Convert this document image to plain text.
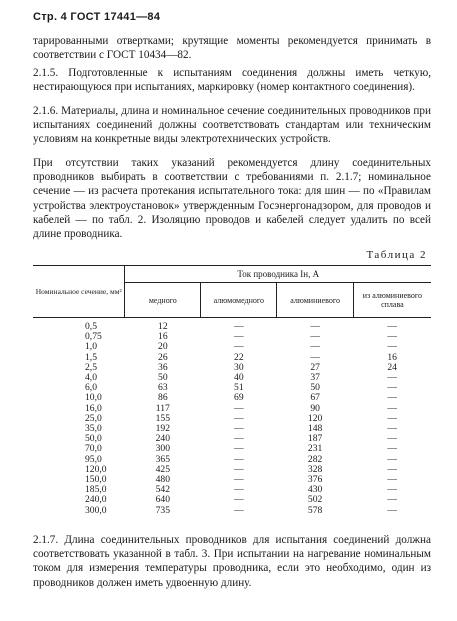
Стр. 4 ГОСТ 17441—84

тарированными отвертками; крутящие моменты рекомендуется принимать в соответствии с ГОСТ 10434—82.

2.1.5. Подготовленные к испытаниям соединения должны иметь четкую, нестирающуюся при испытаниях, маркировку (номер контактного соединения).

2.1.6. Материалы, длина и номинальное сечение соединительных проводников при испытаниях соединений должны соответствовать стандартам или техническим условиям на конкретные виды электротехнических устройств.

При отсутствии таких указаний рекомендуется длину соединительных проводников выбирать в соответствии с требованиями п. 2.1.7; номинальное сечение — из расчета протекания испытательного тока: для шин — по «Правилам устройства электроустановок» утвержденным Госэнергонадзором, для проводов и кабелей — по табл. 2. Изоляцию проводов и кабелей следует удалить по всей длине проводника.

Таблица 2
Номинальное сечение, мм²	Ток проводника Iн, А			
	медного	алюмомедного	алюминиевого	из алюминиевого сплава
0,5	12	—	—	—
0,75	16	—	—	—
1,0	20	—	—	—
1,5	26	22	—	16
2,5	36	30	27	24
4,0	50	40	37	—
6,0	63	51	50	—
10,0	86	69	67	—
16,0	117	—	90	—
25,0	155	—	120	—
35,0	192	—	148	—
50,0	240	—	187	—
70,0	300	—	231	—
95,0	365	—	282	—
120,0	425	—	328	—
150,0	480	—	376	—
185,0	542	—	430	—
240,0	640	—	502	—
300,0	735	—	578	—

2.1.7. Длина соединительных проводников для испытания соединений должна соответствовать указанной в табл. 3. При испытании на нагревание номинальным током для измерения температуры проводника, если это необходимо, один из проводников должен иметь удвоенную длину.
